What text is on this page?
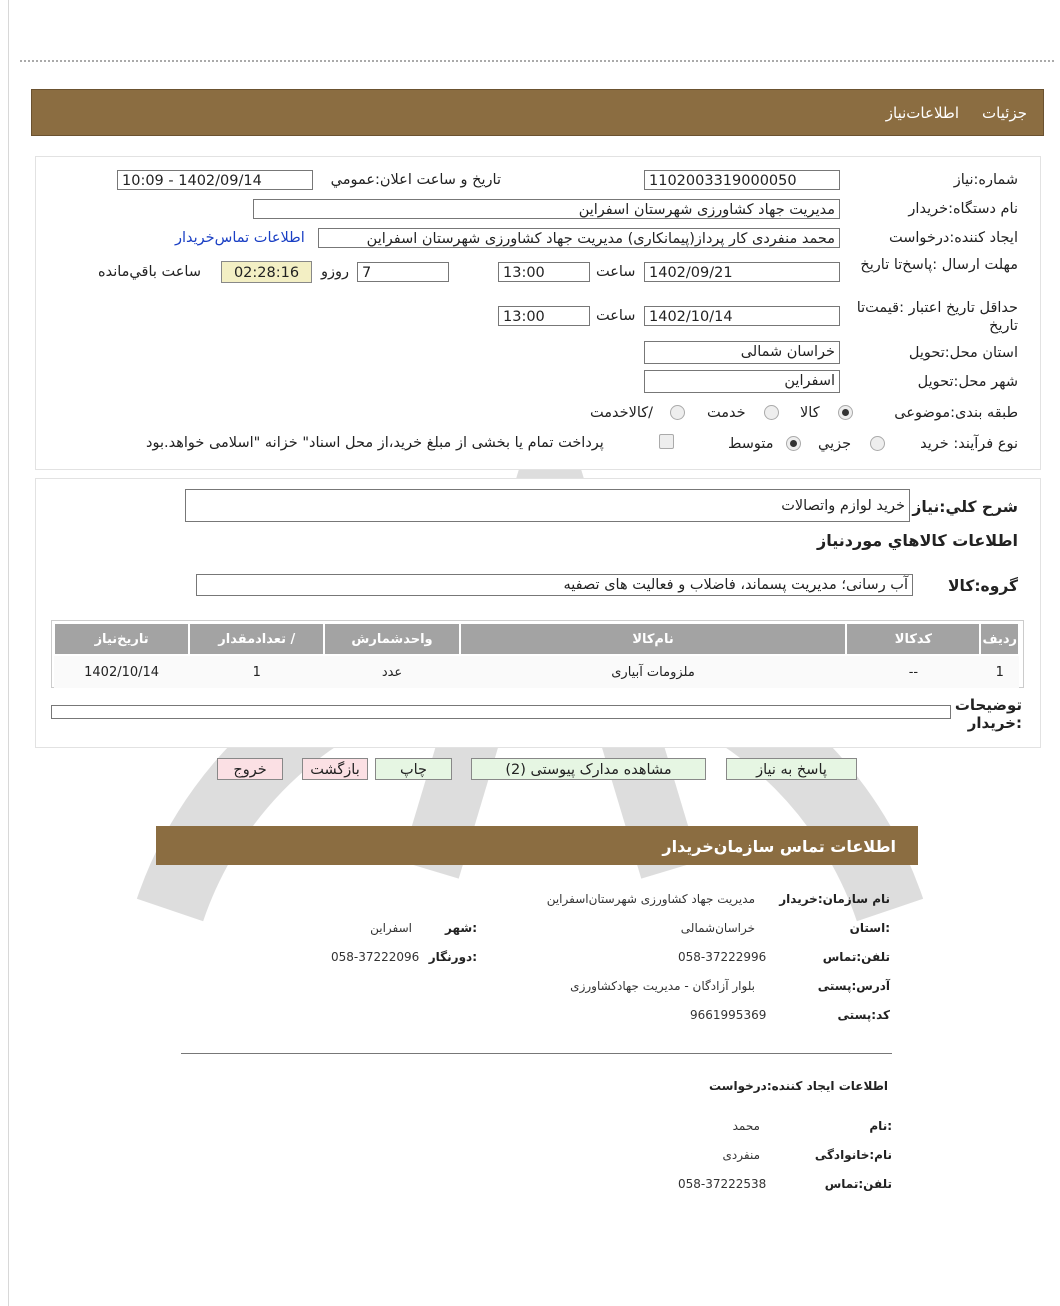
جزئيات
اطلاعات‌نياز
شماره:نیاز
1102003319000050
تاريخ و ساعت اعلان:عمومي
1402/09/14 - 10:09
نام دستگاه:خريدار
مديريت جهاد کشاورزی شهرستان اسفراين
ايجاد کننده:درخواست
محمد منفردی کار پرداز(پیمانکاری) مديريت جهاد کشاورزی شهرستان اسفراين
اطلاعات تماس‌خريدار
مهلت ارسال :پاسخ‌تا تاريخ
1402/09/21
ساعت
13:00
7
روزو
02:28:16
ساعت باقي‌مانده
حداقل تاريخ اعتبار :قيمت‌تا تاريخ
1402/10/14
ساعت
13:00
استان محل:تحويل
خراسان شمالی
شهر محل:تحويل
اسفراين
طبقه بندی:موضوعی
کالا
خدمت
/کالاخدمت
نوع فرآيند: خريد
جزيي
متوسط
پرداخت تمام يا بخشی از مبلغ خريد،از محل اسناد" خزانه "اسلامی خواهد.بود
شرح کلي:نياز
خرید لوازم واتصالات
اطلاعات کالاهاي موردنياز
گروه:کالا
آب رسانی؛ مدیریت پسماند، فاضلاب و فعالیت های تصفیه
رديف	کدکالا	نام‌کالا	واحدشمارش	/ تعدادمقدار	تاريخ‌نياز
1	--	ملزومات آبیاری	عدد	1	1402/10/14
توضيحات :خريدار
پاسخ به نياز
مشاهده مدارک پيوستی (2)
چاپ
بازگشت
خروج
اطلاعات تماس سازمان‌خريدار
نام سازمان:خريدار
مديريت جهاد کشاورزی شهرستان‌اسفراين
:استان
خراسان‌شمالی
:شهر
اسفراين
تلفن:تماس
058-37222996
:دورنگار
058-37222096
آدرس:پستی
بلوار آزادگان - مدیریت جهادکشاورزی
کد:پستی
9661995369
اطلاعات ايجاد کننده:درخواست
:نام
محمد
نام:خانوادگی
منفردی
تلفن:تماس
058-37222538
